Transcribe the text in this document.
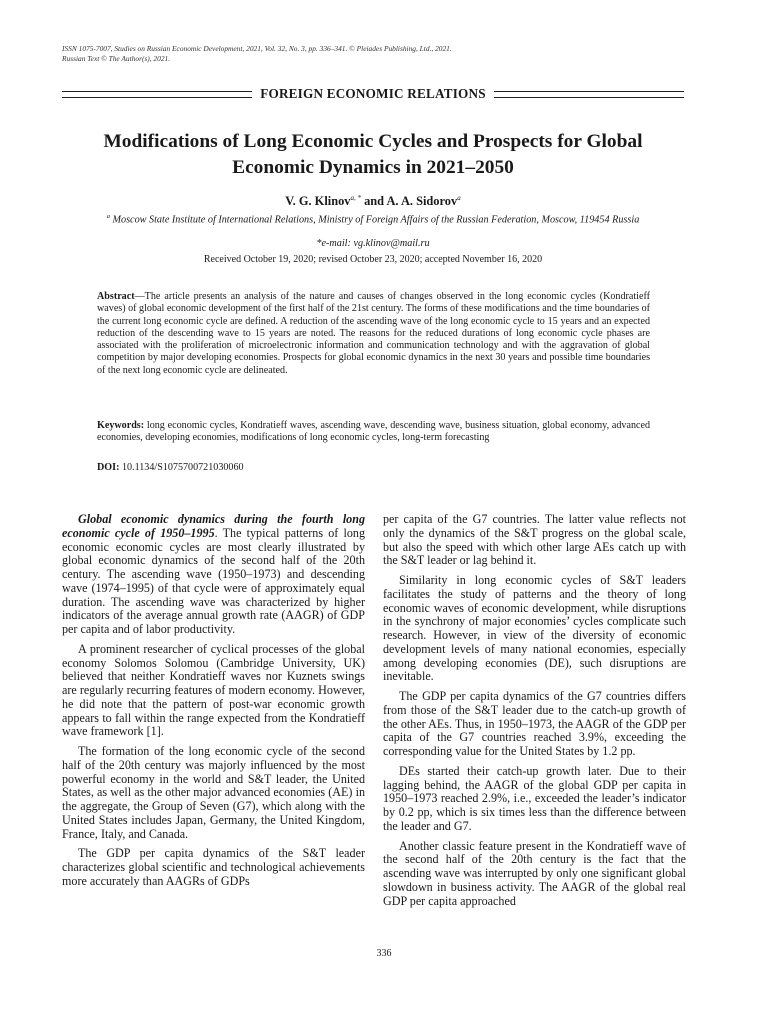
ISSN 1075-7007, Studies on Russian Economic Development, 2021, Vol. 32, No. 3, pp. 336–341. © Pleiades Publishing, Ltd., 2021.
Russian Text © The Author(s), 2021.
FOREIGN ECONOMIC RELATIONS
Modifications of Long Economic Cycles and Prospects for Global Economic Dynamics in 2021–2050
V. G. Klinov$^{a, *}$ and A. A. Sidorov$^a$
$^a$ Moscow State Institute of International Relations, Ministry of Foreign Affairs of the Russian Federation, Moscow, 119454 Russia
*e-mail: vg.klinov@mail.ru
Received October 19, 2020; revised October 23, 2020; accepted November 16, 2020
Abstract—The article presents an analysis of the nature and causes of changes observed in the long economic cycles (Kondratieff waves) of global economic development of the first half of the 21st century. The forms of these modifications and the time boundaries of the current long economic cycle are defined. A reduction of the ascending wave of the long economic cycle to 15 years and an expected reduction of the descending wave to 15 years are noted. The reasons for the reduced durations of long economic cycle phases are associated with the proliferation of microelectronic information and communication technology and with the aggravation of global competition by major developing economies. Prospects for global economic dynamics in the next 30 years and possible time boundaries of the next long economic cycle are delineated.
Keywords: long economic cycles, Kondratieff waves, ascending wave, descending wave, business situation, global economy, advanced economies, developing economies, modifications of long economic cycles, long-term forecasting
DOI: 10.1134/S1075700721030060

Global economic dynamics during the fourth long economic cycle of 1950–1995. The typical patterns of long economic economic cycles are most clearly illustrated by global economic dynamics of the second half of the 20th century. The ascending wave (1950–1973) and descending wave (1974–1995) of that cycle were of approximately equal duration. The ascending wave was characterized by higher indicators of the average annual growth rate (AAGR) of GDP per capita and of labor productivity.

A prominent researcher of cyclical processes of the global economy Solomos Solomou (Cambridge University, UK) believed that neither Kondratieff waves nor Kuznets swings are regularly recurring features of modern economy. However, he did note that the pattern of post-war economic growth appears to fall within the range expected from the Kondratieff wave framework [1].

The formation of the long economic cycle of the second half of the 20th century was majorly influenced by the most powerful economy in the world and S&T leader, the United States, as well as the other major advanced economies (AE) in the aggregate, the Group of Seven (G7), which along with the United States includes Japan, Germany, the United Kingdom, France, Italy, and Canada.

The GDP per capita dynamics of the S&T leader characterizes global scientific and technological achievements more accurately than AAGRs of GDPs

per capita of the G7 countries. The latter value reflects not only the dynamics of the S&T progress on the global scale, but also the speed with which other large AEs catch up with the S&T leader or lag behind it.

Similarity in long economic cycles of S&T leaders facilitates the study of patterns and the theory of long economic waves of economic development, while disruptions in the synchrony of major economies’ cycles complicate such research. However, in view of the diversity of economic development levels of many national economies, especially among developing economies (DE), such disruptions are inevitable.

The GDP per capita dynamics of the G7 countries differs from those of the S&T leader due to the catch-up growth of the other AEs. Thus, in 1950–1973, the AAGR of the GDP per capita of the G7 countries reached 3.9%, exceeding the corresponding value for the United States by 1.2 pp.

DEs started their catch-up growth later. Due to their lagging behind, the AAGR of the global GDP per capita in 1950–1973 reached 2.9%, i.e., exceeded the leader’s indicator by 0.2 pp, which is six times less than the difference between the leader and G7.

Another classic feature present in the Kondratieff wave of the second half of the 20th century is the fact that the ascending wave was interrupted by only one significant global slowdown in business activity. The AAGR of the global real GDP per capita approached

336
